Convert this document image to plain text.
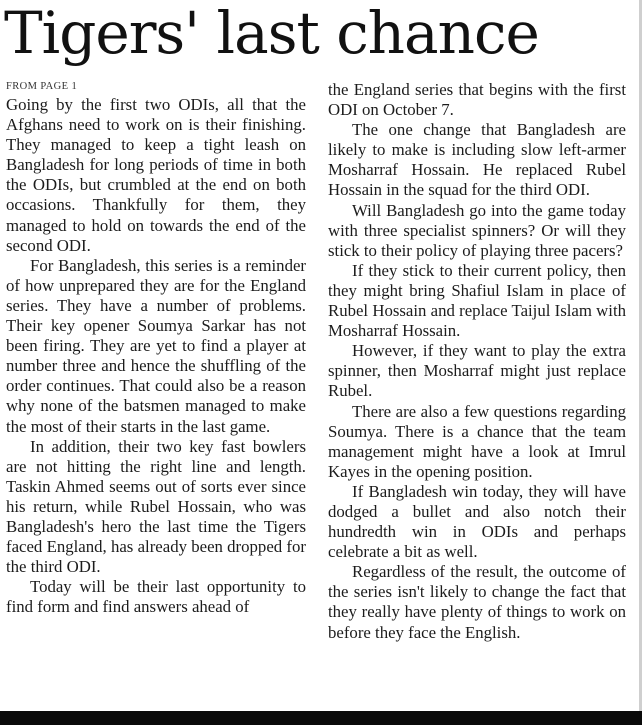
Tigers' last chance
FROM PAGE 1

Going by the first two ODIs, all that the Afghans need to work on is their finishing. They managed to keep a tight leash on Bangladesh for long periods of time in both the ODIs, but crumbled at the end on both occasions. Thankfully for them, they managed to hold on towards the end of the second ODI.

For Bangladesh, this series is a reminder of how unprepared they are for the England series. They have a number of problems. Their key opener Soumya Sarkar has not been firing. They are yet to find a player at number three and hence the shuffling of the order continues. That could also be a reason why none of the batsmen managed to make the most of their starts in the last game.

In addition, their two key fast bowlers are not hitting the right line and length. Taskin Ahmed seems out of sorts ever since his return, while Rubel Hossain, who was Bangladesh's hero the last time the Tigers faced England, has already been dropped for the third ODI.

Today will be their last opportunity to find form and find answers ahead of

the England series that begins with the first ODI on October 7.

The one change that Bangladesh are likely to make is including slow left-armer Mosharraf Hossain. He replaced Rubel Hossain in the squad for the third ODI.

Will Bangladesh go into the game today with three specialist spinners? Or will they stick to their policy of playing three pacers?

If they stick to their current policy, then they might bring Shafiul Islam in place of Rubel Hossain and replace Taijul Islam with Mosharraf Hossain.

However, if they want to play the extra spinner, then Mosharraf might just replace Rubel.

There are also a few questions regarding Soumya. There is a chance that the team management might have a look at Imrul Kayes in the opening position.

If Bangladesh win today, they will have dodged a bullet and also notch their hundredth win in ODIs and perhaps celebrate a bit as well.

Regardless of the result, the outcome of the series isn't likely to change the fact that they really have plenty of things to work on before they face the English.
